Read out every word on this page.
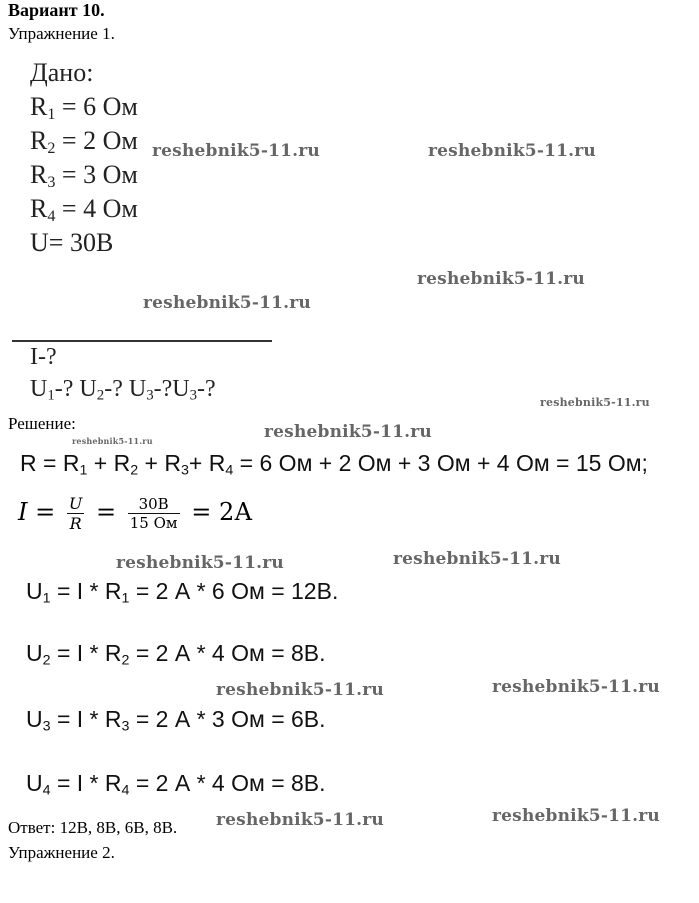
Вариант 10.
Упражнение 1.
Дано:
$R_1 = 6$ Ом
$R_2 = 2$ Ом
$R_3 = 3$ Ом
$R_4 = 4$ Ом
U= 30В
I-?
$U_1-$? $U_2-$? $U_3-?U_3-$?
Решение:
$R = R_1 + R_2 + R_3+ R_4 = 6$ Ом + 2 Ом + 3 Ом + 4 Ом = 15 Ом;
$I = \frac{U}{R} = \frac{30В}{15 Ом} = 2А$
$U_1 = I * R_1 = 2$ А * 6 Ом = 12В.
$U_2 = I * R_2 = 2$ А * 4 Ом = 8В.
$U_3 = I * R_3 = 2$ А * 3 Ом = 6В.
$U_4 = I * R_4 = 2$ А * 4 Ом = 8В.
Ответ: 12В, 8В, 6В, 8В.
Упражнение 2.
reshebnik5-11.ru	reshebnik5-11.ru
reshebnik5-11.ru
reshebnik5-11.ru
reshebnik5-11.ru
reshebnik5-11.ru
reshebnik5-11.ru
reshebnik5-11.ru	reshebnik5-11.ru
reshebnik5-11.ru	reshebnik5-11.ru
reshebnik5-11.ru	reshebnik5-11.ru
